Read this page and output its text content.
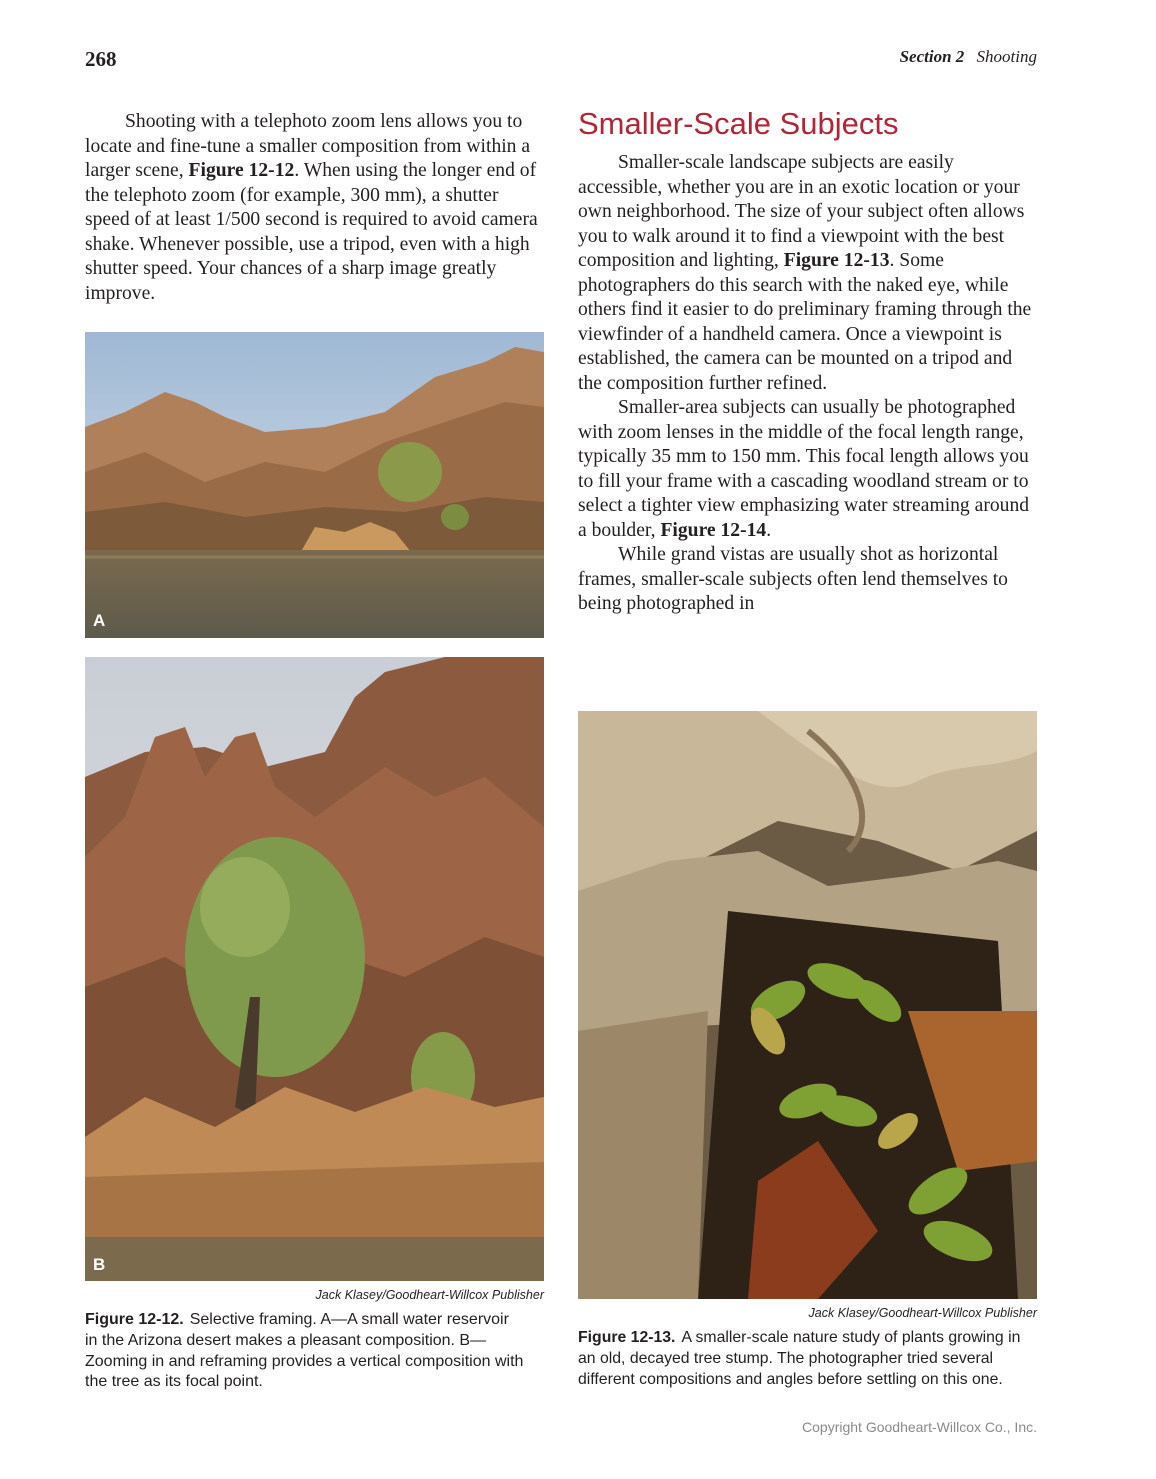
268	Section 2 Shooting

Shooting with a telephoto zoom lens allows you to locate and fine-tune a smaller composition from within a larger scene, Figure 12-12. When using the longer end of the telephoto zoom (for example, 300 mm), a shutter speed of at least 1/500 second is required to avoid camera shake. Whenever possible, use a tripod, even with a high shutter speed. Your chances of a sharp image greatly improve.

A
B
Jack Klasey/Goodheart-Willcox Publisher
Figure 12-12. Selective framing. A—A small water reservoir in the Arizona desert makes a pleasant composition. B—Zooming in and reframing provides a vertical composition with the tree as its focal point.
Smaller-Scale Subjects

Smaller-scale landscape subjects are easily accessible, whether you are in an exotic location or your own neighborhood. The size of your subject often allows you to walk around it to find a viewpoint with the best composition and lighting, Figure 12-13. Some photographers do this search with the naked eye, while others find it easier to do preliminary framing through the viewfinder of a handheld camera. Once a viewpoint is established, the camera can be mounted on a tripod and the composition further refined.

Smaller-area subjects can usually be photographed with zoom lenses in the middle of the focal length range, typically 35 mm to 150 mm. This focal length allows you to fill your frame with a cascading woodland stream or to select a tighter view emphasizing water streaming around a boulder, Figure 12-14.

While grand vistas are usually shot as horizontal frames, smaller-scale subjects often lend themselves to being photographed in

Jack Klasey/Goodheart-Willcox Publisher
Figure 12-13. A smaller-scale nature study of plants growing in an old, decayed tree stump. The photographer tried several different compositions and angles before settling on this one.
Copyright Goodheart-Willcox Co., Inc.
